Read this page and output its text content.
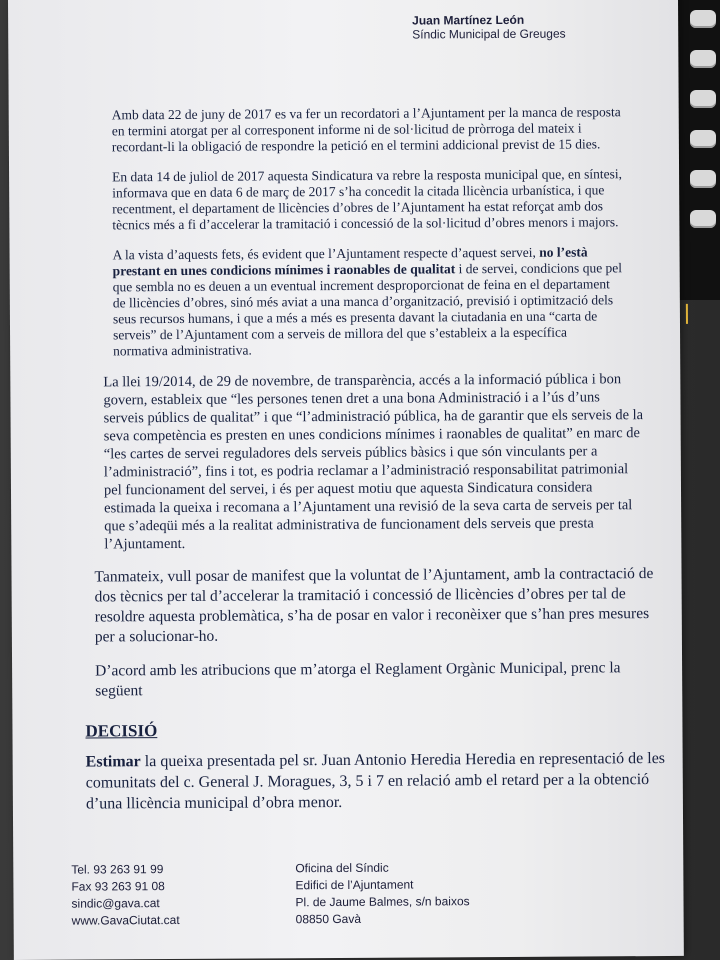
Juan Martínez León
Síndic Municipal de Greuges

Amb data 22 de juny de 2017 es va fer un recordatori a l’Ajuntament per la manca de resposta en termini atorgat per al corresponent informe ni de sol·licitud de pròrroga del mateix i recordant-li la obligació de respondre la petició en el termini addicional previst de 15 dies.

En data 14 de juliol de 2017 aquesta Sindicatura va rebre la resposta municipal que, en síntesi, informava que en data 6 de març de 2017 s’ha concedit la citada llicència urbanística, i que recentment, el departament de llicències d’obres de l’Ajuntament ha estat reforçat amb dos tècnics més a fi d’accelerar la tramitació i concessió de la sol·licitud d’obres menors i majors.

A la vista d’aquests fets, és evident que l’Ajuntament respecte d’aquest servei, no l’està prestant en unes condicions mínimes i raonables de qualitat i de servei, condicions que pel que sembla no es deuen a un eventual increment desproporcionat de feina en el departament de llicències d’obres, sinó més aviat a una manca d’organització, previsió i optimització dels seus recursos humans, i que a més a més es presenta davant la ciutadania en una “carta de serveis” de l’Ajuntament com a serveis de millora del que s’estableix a la específica normativa administrativa.

La llei 19/2014, de 29 de novembre, de transparència, accés a la informació pública i bon govern, estableix que “les persones tenen dret a una bona Administració i a l’ús d’uns serveis públics de qualitat” i que “l’administració pública, ha de garantir que els serveis de la seva competència es presten en unes condicions mínimes i raonables de qualitat” en marc de “les cartes de servei reguladores dels serveis públics bàsics i que són vinculants per a l’administració”, fins i tot, es podria reclamar a l’administració responsabilitat patrimonial pel funcionament del servei, i és per aquest motiu que aquesta Sindicatura considera estimada la queixa i recomana a l’Ajuntament una revisió de la seva carta de serveis per tal que s’adeqüi més a la realitat administrativa de funcionament dels serveis que presta l’Ajuntament.

Tanmateix, vull posar de manifest que la voluntat de l’Ajuntament, amb la contractació de dos tècnics per tal d’accelerar la tramitació i concessió de llicències d’obres per tal de resoldre aquesta problemàtica, s’ha de posar en valor i reconèixer que s’han pres mesures per a solucionar-ho.

D’acord amb les atribucions que m’atorga el Reglament Orgànic Municipal, prenc la següent

DECISIÓ

Estimar la queixa presentada pel sr. Juan Antonio Heredia Heredia en representació de les comunitats del c. General J. Moragues, 3, 5 i 7 en relació amb el retard per a la obtenció d’una llicència municipal d’obra menor.

Tel. 93 263 91 99
Fax 93 263 91 08
sindic@gava.cat
www.GavaCiutat.cat
Oficina del Síndic
Edifici de l’Ajuntament
Pl. de Jaume Balmes, s/n baixos
08850 Gavà
